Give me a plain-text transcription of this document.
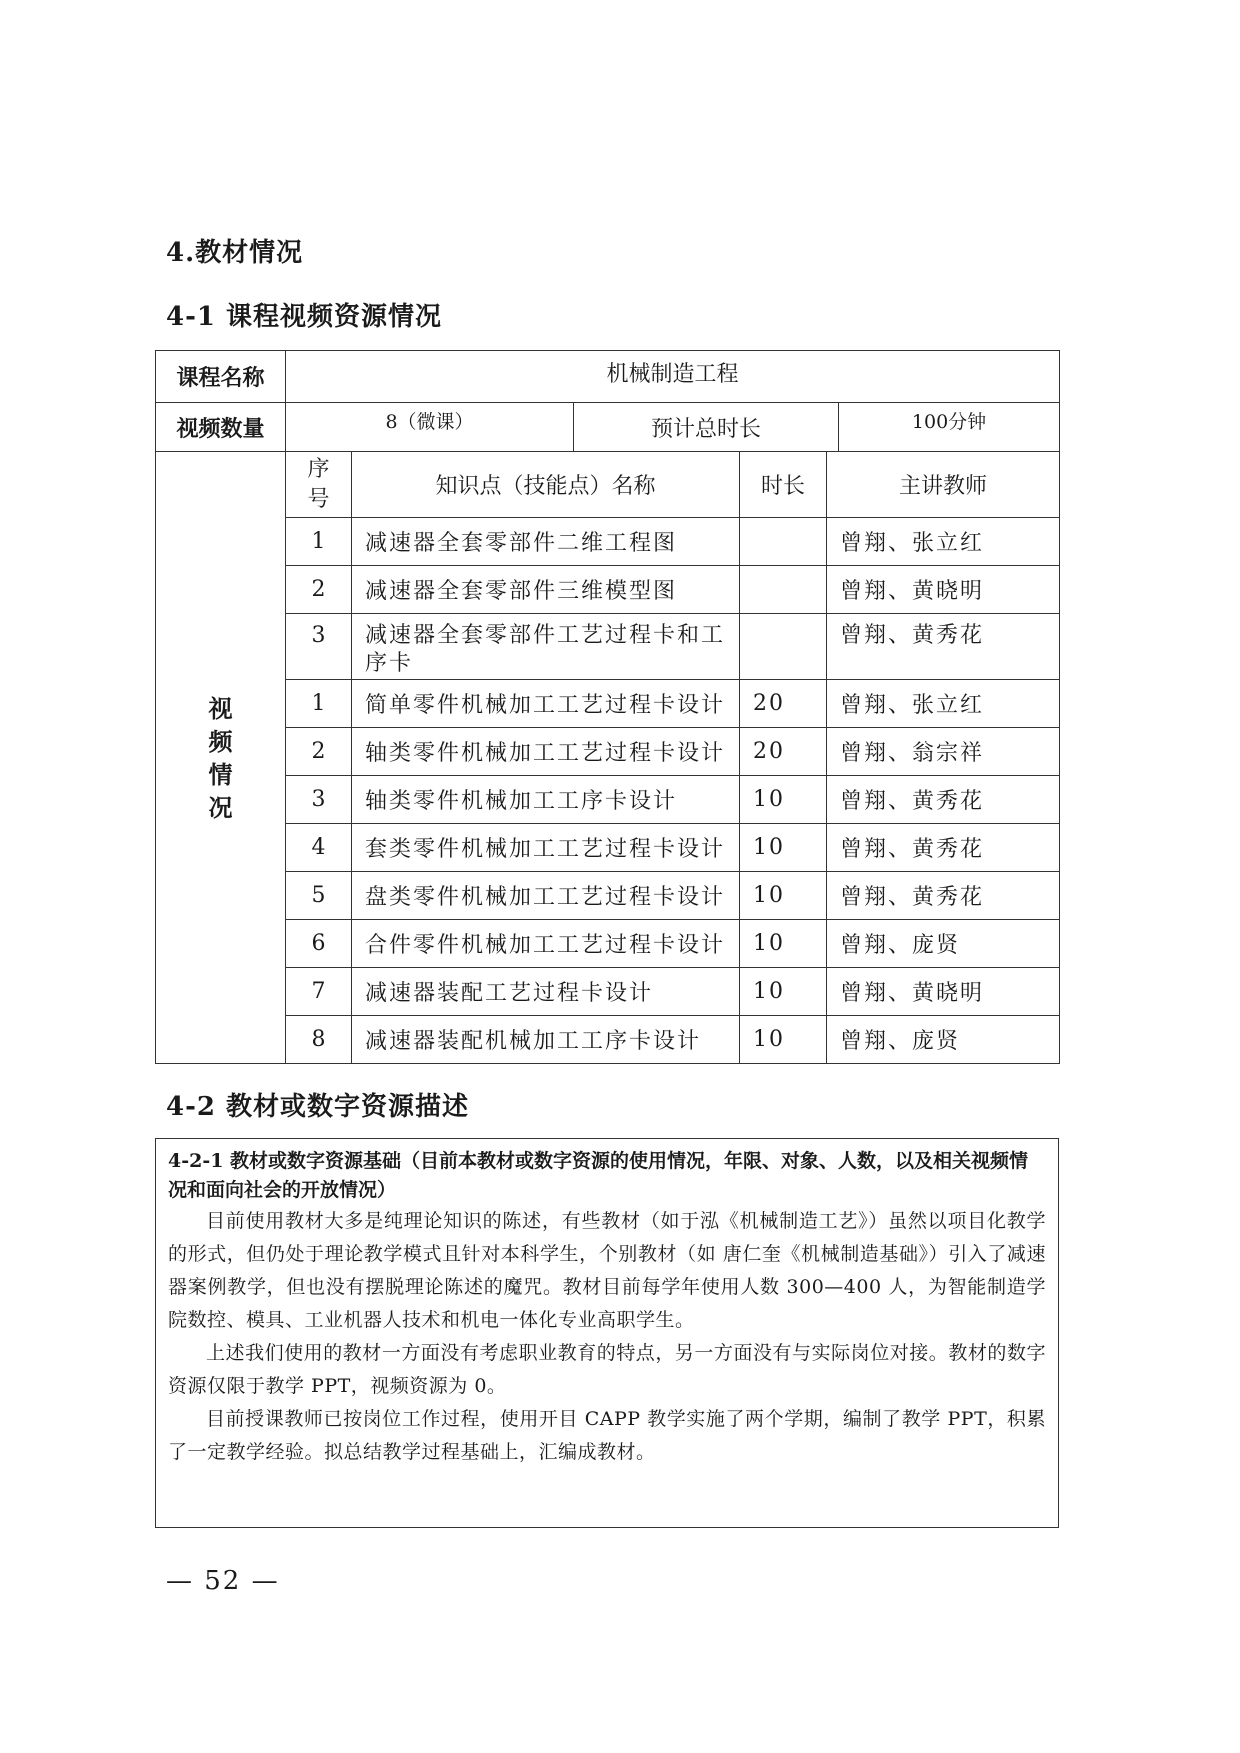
4.教材情况
4-1 课程视频资源情况
课程名称	机械制造工程					
视频数量	8（微课）		预计总时长			100分钟

视频情况	序号	知识点（技能点）名称		时长	主讲教师	
	1	减速器全套零部件二维工程图			曾翔、张立红	
	2	减速器全套零部件三维模型图			曾翔、黄晓明	
	3	减速器全套零部件工艺过程卡和工序卡			曾翔、黄秀花	
	1	简单零件机械加工工艺过程卡设计		20	曾翔、张立红	
	2	轴类零件机械加工工艺过程卡设计		20	曾翔、翁宗祥	
	3	轴类零件机械加工工序卡设计		10	曾翔、黄秀花	
	4	套类零件机械加工工艺过程卡设计		10	曾翔、黄秀花	
	5	盘类零件机械加工工艺过程卡设计		10	曾翔、黄秀花	
	6	合件零件机械加工工艺过程卡设计		10	曾翔、庞贤	
	7	减速器装配工艺过程卡设计		10	曾翔、黄晓明	
	8	减速器装配机械加工工序卡设计		10	曾翔、庞贤	
4-2 教材或数字资源描述
4-2-1 教材或数字资源基础（目前本教材或数字资源的使用情况，年限、对象、人数，以及相关视频情况和面向社会的开放情况）

目前使用教材大多是纯理论知识的陈述，有些教材（如于泓《机械制造工艺》）虽然以项目化教学的形式，但仍处于理论教学模式且针对本科学生，个别教材（如 唐仁奎《机械制造基础》）引入了减速器案例教学，但也没有摆脱理论陈述的魔咒。教材目前每学年使用人数 300—400 人，为智能制造学院数控、模具、工业机器人技术和机电一体化专业高职学生。

上述我们使用的教材一方面没有考虑职业教育的特点，另一方面没有与实际岗位对接。教材的数字资源仅限于教学 PPT，视频资源为 0。

目前授课教师已按岗位工作过程，使用开目 CAPP 教学实施了两个学期，编制了教学 PPT，积累了一定教学经验。拟总结教学过程基础上，汇编成教材。

— 52 —
